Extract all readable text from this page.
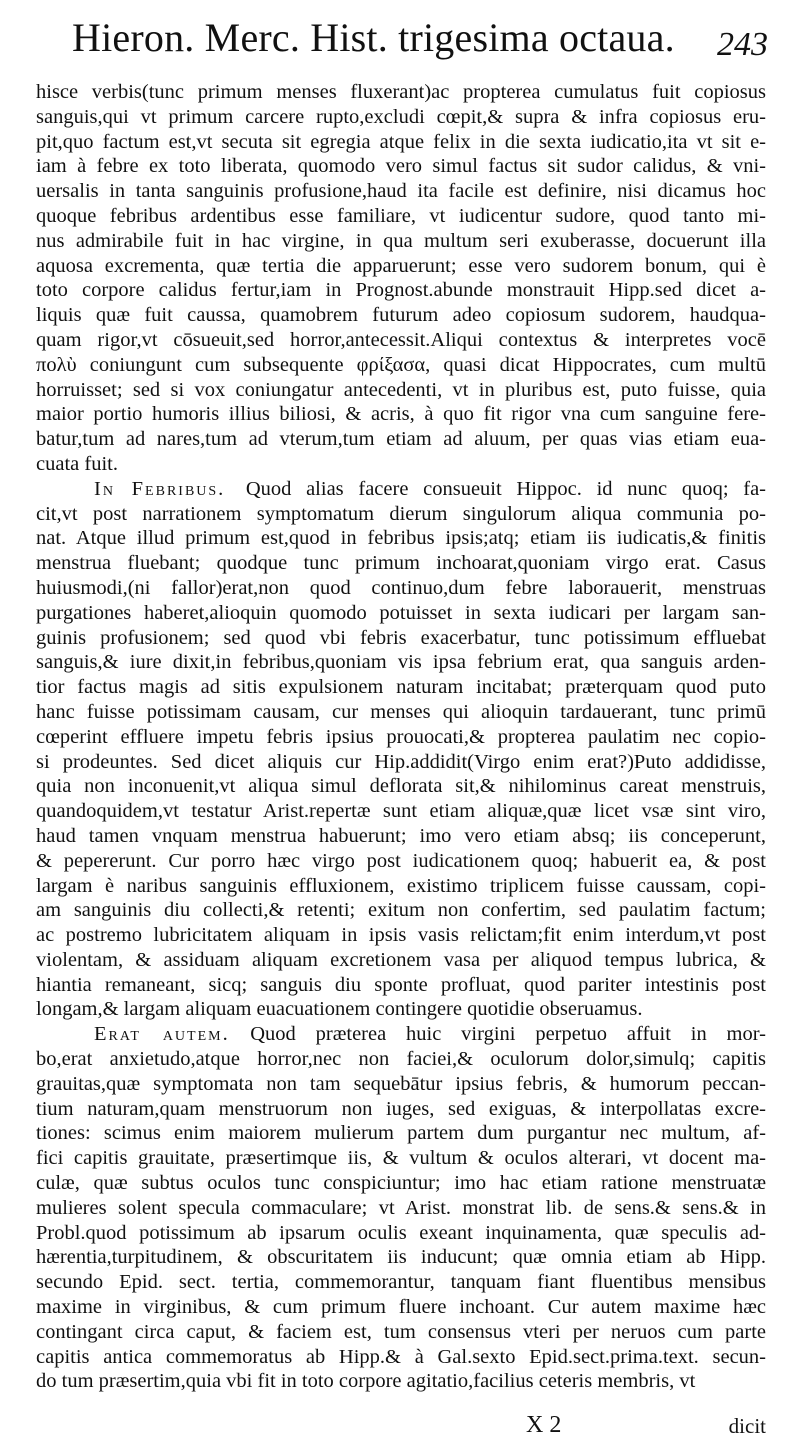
Hieron. Merc. Hist. trigesima octaua. 243
hisce verbis(tunc primum menses fluxerant)ac propterea cumulatus fuit copiosus
sanguis,qui vt primum carcere rupto,excludi cœpit,& supra & infra copiosus eru-
pit,quo factum est,vt secuta sit egregia atque felix in die sexta iudicatio,ita vt sit e-
iam à febre ex toto liberata, quomodo vero simul factus sit sudor calidus, & vni-
uersalis in tanta sanguinis profusione,haud ita facile est definire, nisi dicamus hoc
quoque febribus ardentibus esse familiare, vt iudicentur sudore, quod tanto mi-
nus admirabile fuit in hac virgine, in qua multum seri exuberasse, docuerunt illa
aquosa excrementa, quæ tertia die apparuerunt; esse vero sudorem bonum, qui è
toto corpore calidus fertur,iam in Prognost.abunde monstrauit Hipp.sed dicet a-
liquis quæ fuit caussa, quamobrem futurum adeo copiosum sudorem, haudqua-
quam rigor,vt cōsueuit,sed horror,antecessit.Aliqui contextus & interpretes vocē
πολὺ coniungunt cum subsequente φρίξασα, quasi dicat Hippocrates, cum multū
horruisset; sed si vox coniungatur antecedenti, vt in pluribus est, puto fuisse, quia
maior portio humoris illius biliosi, & acris, à quo fit rigor vna cum sanguine fere-
batur,tum ad nares,tum ad vterum,tum etiam ad aluum, per quas vias etiam eua-
cuata fuit.
In Febribus.  Quod alias facere consueuit Hippoc. id nunc quoq; fa-
cit,vt post narrationem symptomatum dierum singulorum aliqua communia po-
nat. Atque illud primum est,quod in febribus ipsis;atq; etiam iis iudicatis,& finitis
menstrua fluebant; quodque tunc primum inchoarat,quoniam virgo erat. Casus
huiusmodi,(ni fallor)erat,non quod continuo,dum febre laborauerit, menstruas
purgationes haberet,alioquin quomodo potuisset in sexta iudicari per largam san-
guinis profusionem; sed quod vbi febris exacerbatur, tunc potissimum effluebat
sanguis,& iure dixit,in febribus,quoniam vis ipsa febrium erat, qua sanguis arden-
tior factus magis ad sitis expulsionem naturam incitabat; præterquam quod puto
hanc fuisse potissimam causam, cur menses qui alioquin tardauerant, tunc primū
cœperint effluere impetu febris ipsius prouocati,& propterea paulatim nec copio-
si prodeuntes. Sed dicet aliquis cur Hip.addidit(Virgo enim erat?)Puto addidisse,
quia non inconuenit,vt aliqua simul deflorata sit,& nihilominus careat menstruis,
quandoquidem,vt testatur Arist.repertæ sunt etiam aliquæ,quæ licet vsæ sint viro,
haud tamen vnquam menstrua habuerunt; imo vero etiam absq; iis conceperunt,
& pepererunt. Cur porro hæc virgo post iudicationem quoq; habuerit ea, & post
largam è naribus sanguinis effluxionem, existimo triplicem fuisse caussam, copi-
am sanguinis diu collecti,& retenti; exitum non confertim, sed paulatim factum;
ac postremo lubricitatem aliquam in ipsis vasis relictam;fit enim interdum,vt post
violentam, & assiduam aliquam excretionem vasa per aliquod tempus lubrica, &
hiantia remaneant, sicq; sanguis diu sponte profluat, quod pariter intestinis post
longam,& largam aliquam euacuationem contingere quotidie obseruamus.
Erat autem.  Quod præterea huic virgini perpetuo affuit in mor-
bo,erat anxietudo,atque horror,nec non faciei,& oculorum dolor,simulq; capitis
grauitas,quæ symptomata non tam sequebātur ipsius febris, & humorum peccan-
tium naturam,quam menstruorum non iuges, sed exiguas, & interpollatas excre-
tiones: scimus enim maiorem mulierum partem dum purgantur nec multum, af-
fici capitis grauitate, præsertimque iis, & vultum & oculos alterari, vt docent ma-
culæ, quæ subtus oculos tunc conspiciuntur; imo hac etiam ratione menstruatæ
mulieres solent specula commaculare; vt Arist. monstrat lib. de sens.& sens.& in
Probl.quod potissimum ab ipsarum oculis exeant inquinamenta, quæ speculis ad-
hærentia,turpitudinem, & obscuritatem iis inducunt; quæ omnia etiam ab Hipp.
secundo Epid. sect. tertia, commemorantur, tanquam fiant fluentibus mensibus
maxime in virginibus, & cum primum fluere inchoant. Cur autem maxime hæc
contingant circa caput, & faciem est, tum consensus vteri per neruos cum parte
capitis antica commemoratus ab Hipp.& à Gal.sexto Epid.sect.prima.text. secun-
do tum præsertim,quia vbi fit in toto corpore agitatio,facilius ceteris membris, vt
X 2	dicit
